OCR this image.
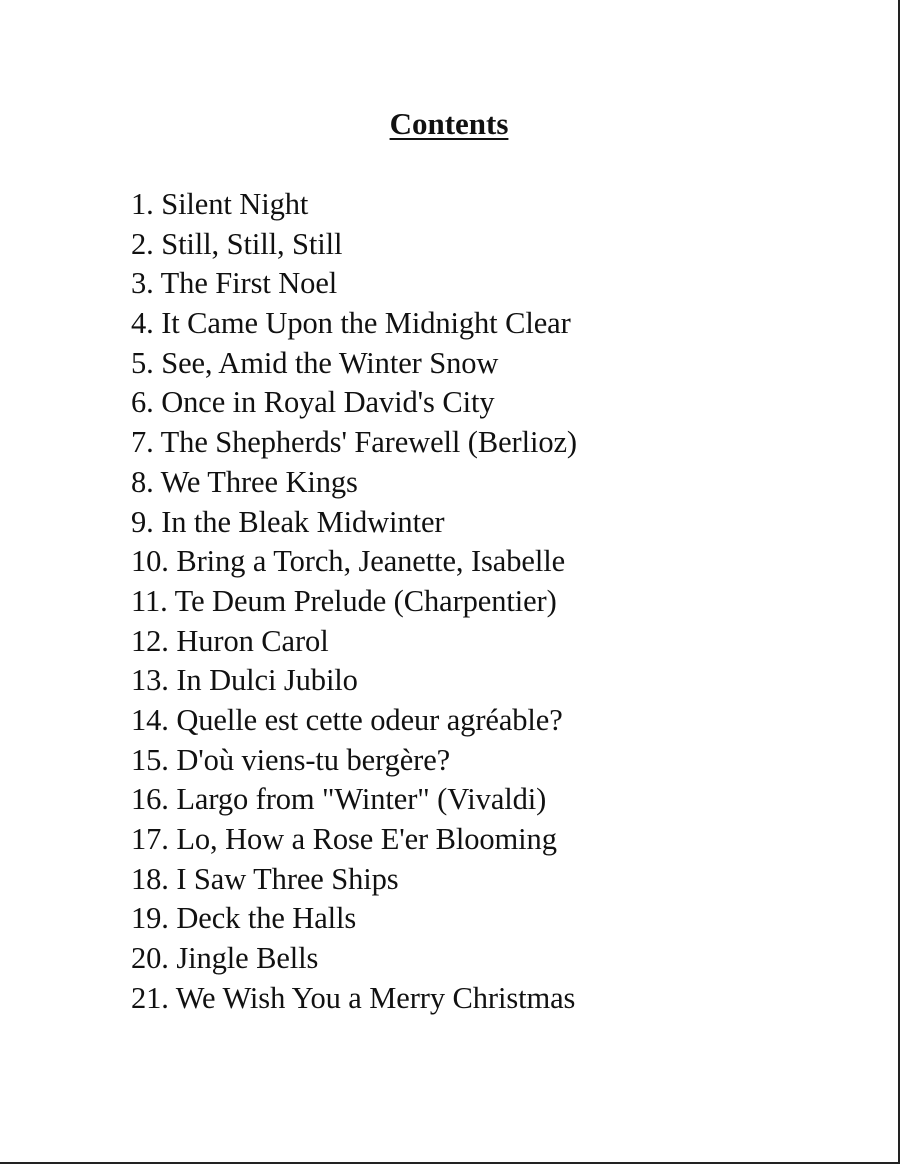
Contents
1. Silent Night
2. Still, Still, Still
3. The First Noel
4. It Came Upon the Midnight Clear
5. See, Amid the Winter Snow
6. Once in Royal David's City
7. The Shepherds' Farewell (Berlioz)
8. We Three Kings
9. In the Bleak Midwinter
10. Bring a Torch, Jeanette, Isabelle
11. Te Deum Prelude (Charpentier)
12. Huron Carol
13. In Dulci Jubilo
14. Quelle est cette odeur agréable?
15. D'où viens-tu bergère?
16. Largo from "Winter" (Vivaldi)
17. Lo, How a Rose E'er Blooming
18. I Saw Three Ships
19. Deck the Halls
20. Jingle Bells
21. We Wish You a Merry Christmas
